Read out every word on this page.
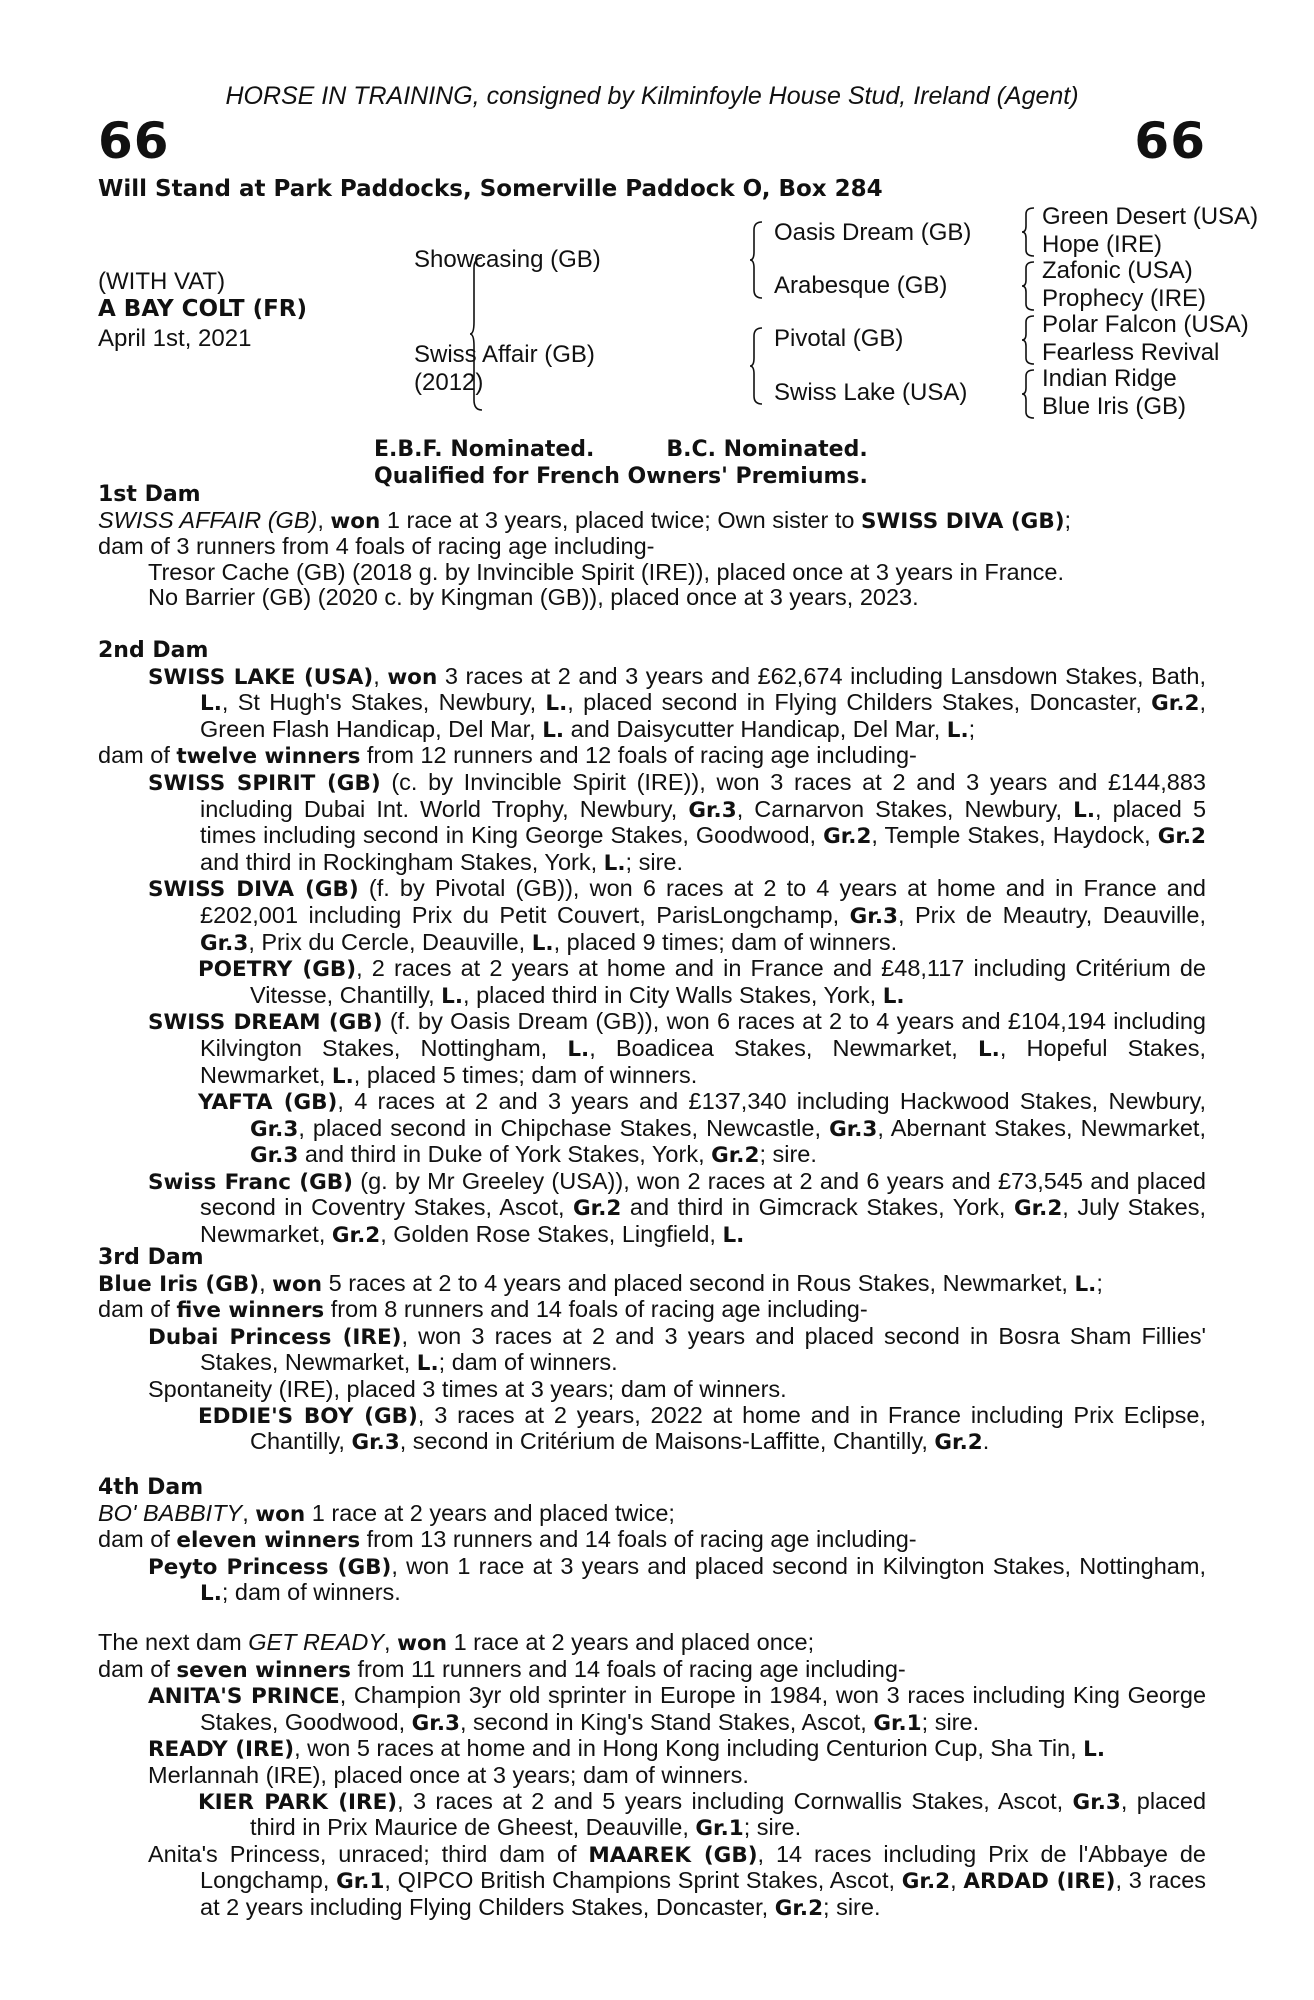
HORSE IN TRAINING, consigned by Kilminfoyle House Stud, Ireland (Agent)
66	66
Will Stand at Park Paddocks, Somerville Paddock O, Box 284
(WITH VAT)
A BAY COLT (FR)
April 1st, 2021
Showcasing (GB)
Swiss Affair (GB)
(2012)
Oasis Dream (GB)
Arabesque (GB)
Pivotal (GB)
Swiss Lake (USA)
Green Desert (USA)
Hope (IRE)
Zafonic (USA)
Prophecy (IRE)
Polar Falcon (USA)
Fearless Revival
Indian Ridge
Blue Iris (GB)
E.B.F. Nominated.	B.C. Nominated.
Qualified for French Owners' Premiums.
1st Dam

SWISS AFFAIR (GB), won 1 race at 3 years, placed twice; Own sister to SWISS DIVA (GB);

dam of 3 runners from 4 foals of racing age including-

Tresor Cache (GB) (2018 g. by Invincible Spirit (IRE)), placed once at 3 years in France.

No Barrier (GB) (2020 c. by Kingman (GB)), placed once at 3 years, 2023.

2nd Dam

SWISS LAKE (USA), won 3 races at 2 and 3 years and £62,674 including Lansdown Stakes, Bath, L., St Hugh's Stakes, Newbury, L., placed second in Flying Childers Stakes, Doncaster, Gr.2, Green Flash Handicap, Del Mar, L. and Daisycutter Handicap, Del Mar, L.;

dam of twelve winners from 12 runners and 12 foals of racing age including-

SWISS SPIRIT (GB) (c. by Invincible Spirit (IRE)), won 3 races at 2 and 3 years and £144,883 including Dubai Int. World Trophy, Newbury, Gr.3, Carnarvon Stakes, Newbury, L., placed 5 times including second in King George Stakes, Goodwood, Gr.2, Temple Stakes, Haydock, Gr.2 and third in Rockingham Stakes, York, L.; sire.

SWISS DIVA (GB) (f. by Pivotal (GB)), won 6 races at 2 to 4 years at home and in France and £202,001 including Prix du Petit Couvert, ParisLongchamp, Gr.3, Prix de Meautry, Deauville, Gr.3, Prix du Cercle, Deauville, L., placed 9 times; dam of winners.

POETRY (GB), 2 races at 2 years at home and in France and £48,117 including Critérium de Vitesse, Chantilly, L., placed third in City Walls Stakes, York, L.

SWISS DREAM (GB) (f. by Oasis Dream (GB)), won 6 races at 2 to 4 years and £104,194 including Kilvington Stakes, Nottingham, L., Boadicea Stakes, Newmarket, L., Hopeful Stakes, Newmarket, L., placed 5 times; dam of winners.

YAFTA (GB), 4 races at 2 and 3 years and £137,340 including Hackwood Stakes, Newbury, Gr.3, placed second in Chipchase Stakes, Newcastle, Gr.3, Abernant Stakes, Newmarket, Gr.3 and third in Duke of York Stakes, York, Gr.2; sire.

Swiss Franc (GB) (g. by Mr Greeley (USA)), won 2 races at 2 and 6 years and £73,545 and placed second in Coventry Stakes, Ascot, Gr.2 and third in Gimcrack Stakes, York, Gr.2, July Stakes, Newmarket, Gr.2, Golden Rose Stakes, Lingfield, L.

3rd Dam

Blue Iris (GB), won 5 races at 2 to 4 years and placed second in Rous Stakes, Newmarket, L.;

dam of five winners from 8 runners and 14 foals of racing age including-

Dubai Princess (IRE), won 3 races at 2 and 3 years and placed second in Bosra Sham Fillies' Stakes, Newmarket, L.; dam of winners.

Spontaneity (IRE), placed 3 times at 3 years; dam of winners.

EDDIE'S BOY (GB), 3 races at 2 years, 2022 at home and in France including Prix Eclipse, Chantilly, Gr.3, second in Critérium de Maisons-Laffitte, Chantilly, Gr.2.

4th Dam

BO' BABBITY, won 1 race at 2 years and placed twice;

dam of eleven winners from 13 runners and 14 foals of racing age including-

Peyto Princess (GB), won 1 race at 3 years and placed second in Kilvington Stakes, Nottingham, L.; dam of winners.

The next dam GET READY, won 1 race at 2 years and placed once;

dam of seven winners from 11 runners and 14 foals of racing age including-

ANITA'S PRINCE, Champion 3yr old sprinter in Europe in 1984, won 3 races including King George Stakes, Goodwood, Gr.3, second in King's Stand Stakes, Ascot, Gr.1; sire.

READY (IRE), won 5 races at home and in Hong Kong including Centurion Cup, Sha Tin, L.

Merlannah (IRE), placed once at 3 years; dam of winners.

KIER PARK (IRE), 3 races at 2 and 5 years including Cornwallis Stakes, Ascot, Gr.3, placed third in Prix Maurice de Gheest, Deauville, Gr.1; sire.

Anita's Princess, unraced; third dam of MAAREK (GB), 14 races including Prix de l'Abbaye de Longchamp, Gr.1, QIPCO British Champions Sprint Stakes, Ascot, Gr.2, ARDAD (IRE), 3 races at 2 years including Flying Childers Stakes, Doncaster, Gr.2; sire.
